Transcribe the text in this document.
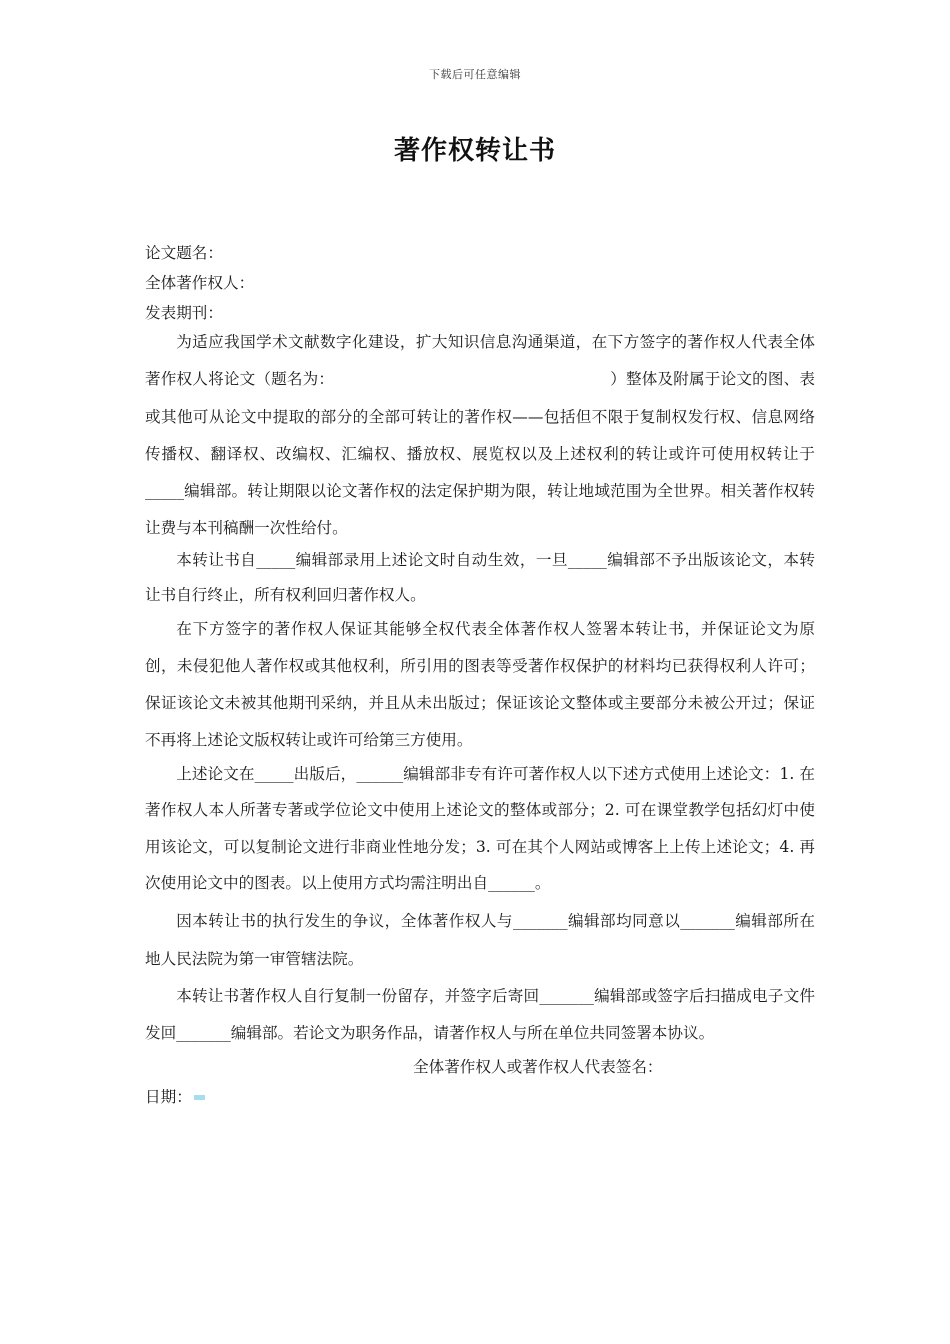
下载后可任意编辑
著作权转让书
论文题名：
全体著作权人：
发表期刊：

为适应我国学术文献数字化建设，扩大知识信息沟通渠道，在下方签字的著作权人代表全体著作权人将论文（题名为：　　　　　　　　　　　　　　　　　　）整体及附属于论文的图、表或其他可从论文中提取的部分的全部可转让的著作权——包括但不限于复制权发行权、信息网络传播权、翻译权、改编权、汇编权、播放权、展览权以及上述权利的转让或许可使用权转让于_____编辑部。转让期限以论文著作权的法定保护期为限，转让地域范围为全世界。相关著作权转让费与本刊稿酬一次性给付。

本转让书自_____编辑部录用上述论文时自动生效，一旦_____编辑部不予出版该论文，本转让书自行终止，所有权利回归著作权人。

在下方签字的著作权人保证其能够全权代表全体著作权人签署本转让书，并保证论文为原创，未侵犯他人著作权或其他权利，所引用的图表等受著作权保护的材料均已获得权利人许可；保证该论文未被其他期刊采纳，并且从未出版过；保证该论文整体或主要部分未被公开过；保证不再将上述论文版权转让或许可给第三方使用。

上述论文在_____出版后，______编辑部非专有许可著作权人以下述方式使用上述论文：1. 在著作权人本人所著专著或学位论文中使用上述论文的整体或部分；2. 可在课堂教学包括幻灯中使用该论文，可以复制论文进行非商业性地分发；3. 可在其个人网站或博客上上传上述论文；4. 再次使用论文中的图表。以上使用方式均需注明出自______。

因本转让书的执行发生的争议，全体著作权人与_______编辑部均同意以_______编辑部所在地人民法院为第一审管辖法院。

本转让书著作权人自行复制一份留存，并签字后寄回_______编辑部或签字后扫描成电子文件发回_______编辑部。若论文为职务作品，请著作权人与所在单位共同签署本协议。

全体著作权人或著作权人代表签名：
日期：
